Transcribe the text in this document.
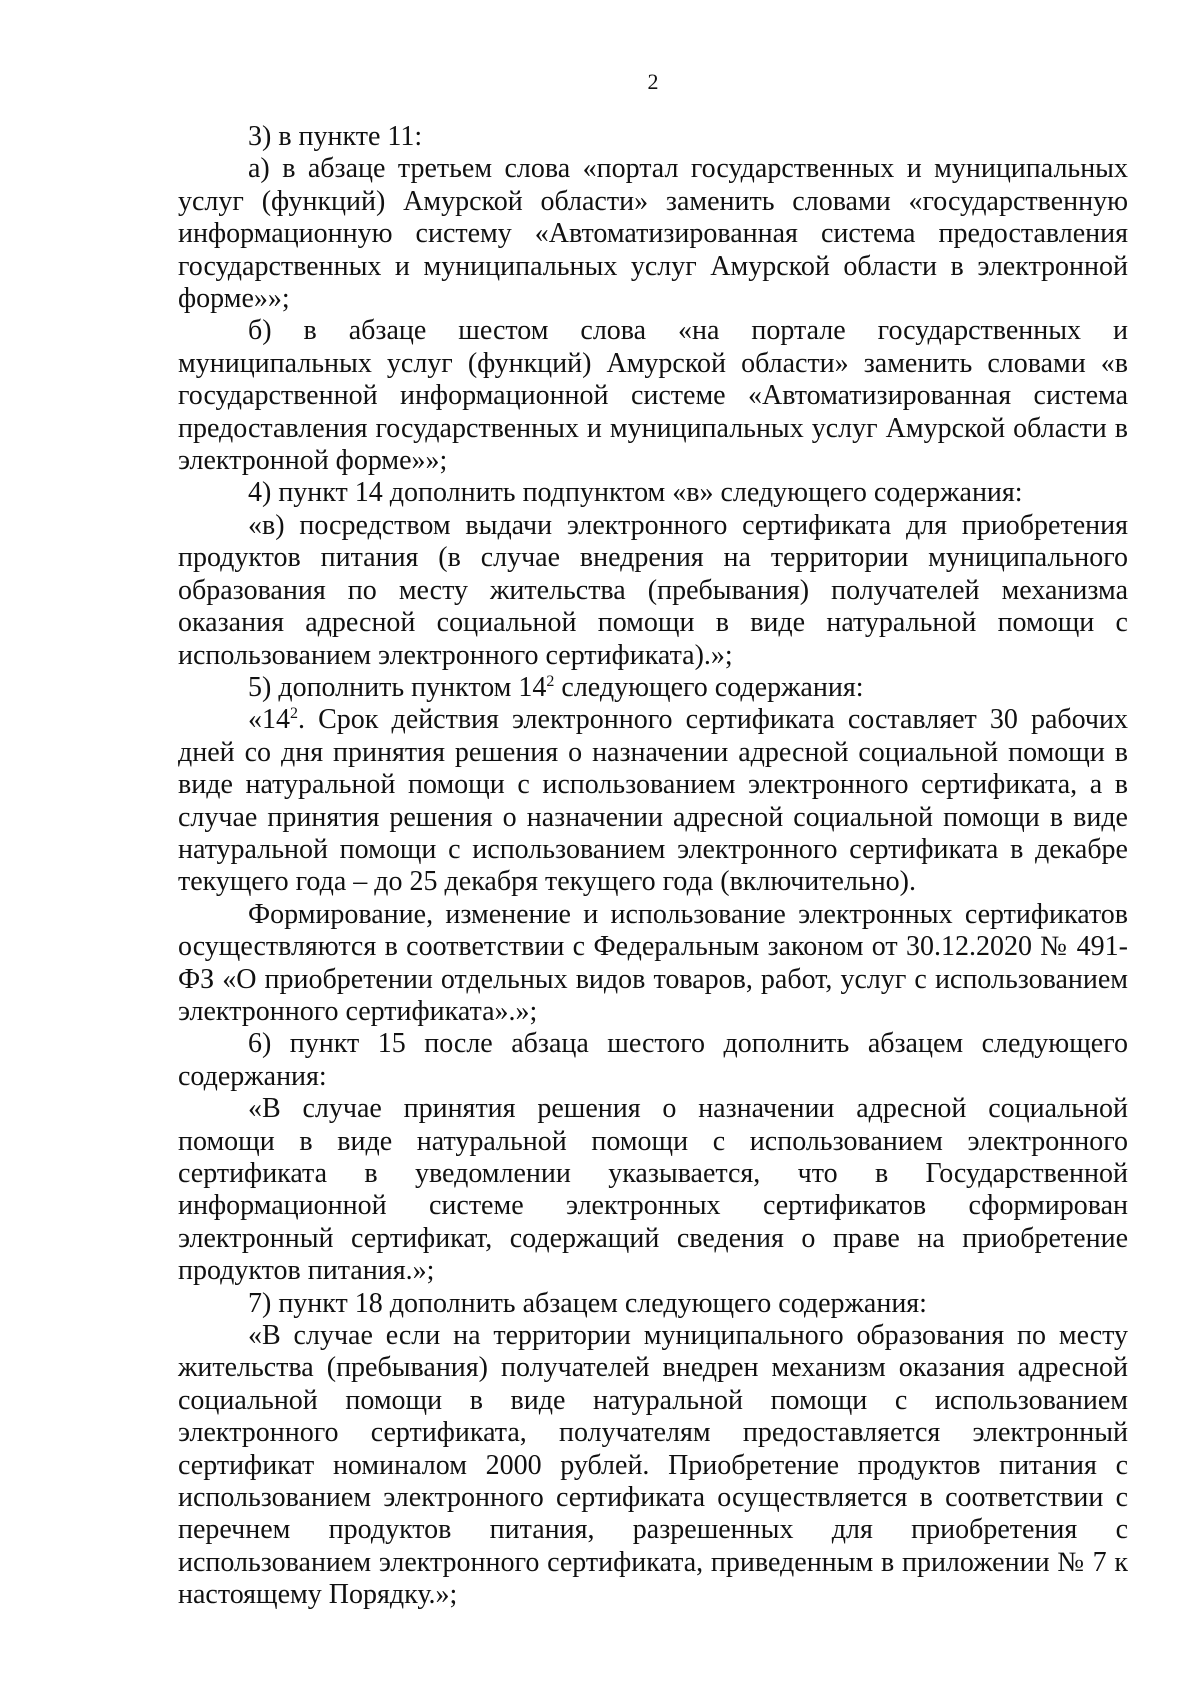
2

3) в пункте 11:

а) в абзаце третьем слова «портал государственных и муниципальных услуг (функций) Амурской области» заменить словами «государственную информационную систему «Автоматизированная система предоставления государственных и муниципальных услуг Амурской области в электронной форме»»;

б) в абзаце шестом слова «на портале государственных и муниципальных услуг (функций) Амурской области» заменить словами «в государственной информационной системе «Автоматизированная система предоставления государственных и муниципальных услуг Амурской области в электронной форме»»;

4) пункт 14 дополнить подпунктом «в» следующего содержания:

«в) посредством выдачи электронного сертификата для приобретения продуктов питания (в случае внедрения на территории муниципального образования по месту жительства (пребывания) получателей механизма оказания адресной социальной помощи в виде натуральной помощи с использованием электронного сертификата).»;

5) дополнить пунктом $14^2$ следующего содержания:

«$14^2$. Срок действия электронного сертификата составляет 30 рабочих дней со дня принятия решения о назначении адресной социальной помощи в виде натуральной помощи с использованием электронного сертификата, а в случае принятия решения о назначении адресной социальной помощи в виде натуральной помощи с использованием электронного сертификата в декабре текущего года – до 25 декабря текущего года (включительно).

Формирование, изменение и использование электронных сертификатов осуществляются в соответствии с Федеральным законом от 30.12.2020 № 491-ФЗ «О приобретении отдельных видов товаров, работ, услуг с использованием электронного сертификата».»;

6) пункт 15 после абзаца шестого дополнить абзацем следующего содержания:

«В случае принятия решения о назначении адресной социальной помощи в виде натуральной помощи с использованием электронного сертификата в уведомлении указывается, что в Государственной информационной системе электронных сертификатов сформирован электронный сертификат, содержащий сведения о праве на приобретение продуктов питания.»;

7) пункт 18 дополнить абзацем следующего содержания:

«В случае если на территории муниципального образования по месту жительства (пребывания) получателей внедрен механизм оказания адресной социальной помощи в виде натуральной помощи с использованием электронного сертификата, получателям предоставляется электронный сертификат номиналом 2000 рублей. Приобретение продуктов питания с использованием электронного сертификата осуществляется в соответствии с перечнем продуктов питания, разрешенных для приобретения с использованием электронного сертификата, приведенным в приложении № 7 к настоящему Порядку.»;
